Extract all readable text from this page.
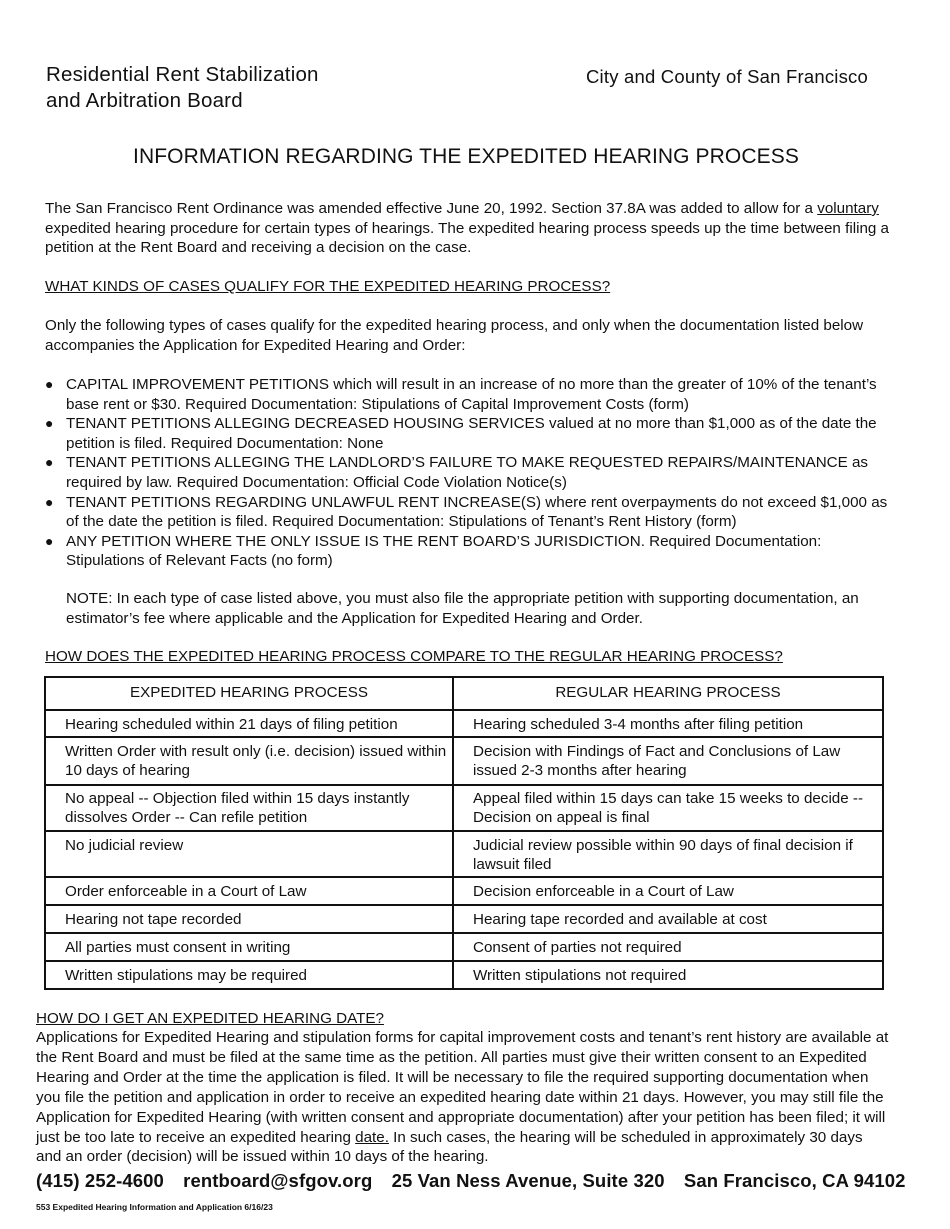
Residential Rent Stabilization
and Arbitration Board
City and County of San Francisco
INFORMATION REGARDING THE EXPEDITED HEARING PROCESS
The San Francisco Rent Ordinance was amended effective June 20, 1992. Section 37.8A was added to allow for a voluntary expedited hearing procedure for certain types of hearings. The expedited hearing process speeds up the time between filing a petition at the Rent Board and receiving a decision on the case.
WHAT KINDS OF CASES QUALIFY FOR THE EXPEDITED HEARING PROCESS?
Only the following types of cases qualify for the expedited hearing process, and only when the documentation listed below accompanies the Application for Expedited Hearing and Order:
● CAPITAL IMPROVEMENT PETITIONS which will result in an increase of no more than the greater of 10% of the tenant’s base rent or $30. Required Documentation: Stipulations of Capital Improvement Costs (form)
● TENANT PETITIONS ALLEGING DECREASED HOUSING SERVICES valued at no more than $1,000 as of the date the petition is filed. Required Documentation: None
● TENANT PETITIONS ALLEGING THE LANDLORD’S FAILURE TO MAKE REQUESTED REPAIRS/MAINTENANCE as required by law. Required Documentation: Official Code Violation Notice(s)
● TENANT PETITIONS REGARDING UNLAWFUL RENT INCREASE(S) where rent overpayments do not exceed $1,000 as of the date the petition is filed. Required Documentation: Stipulations of Tenant’s Rent History (form)
● ANY PETITION WHERE THE ONLY ISSUE IS THE RENT BOARD’S JURISDICTION. Required Documentation: Stipulations of Relevant Facts (no form)
NOTE: In each type of case listed above, you must also file the appropriate petition with supporting documentation, an estimator’s fee where applicable and the Application for Expedited Hearing and Order.
HOW DOES THE EXPEDITED HEARING PROCESS COMPARE TO THE REGULAR HEARING PROCESS?
EXPEDITED HEARING PROCESS	REGULAR HEARING PROCESS
Hearing scheduled within 21 days of filing petition	Hearing scheduled 3-4 months after filing petition
Written Order with result only (i.e. decision) issued within 10 days of hearing	Decision with Findings of Fact and Conclusions of Law issued 2-3 months after hearing
No appeal -- Objection filed within 15 days instantly dissolves Order -- Can refile petition	Appeal filed within 15 days can take 15 weeks to decide -- Decision on appeal is final
No judicial review	Judicial review possible within 90 days of final decision if lawsuit filed
Order enforceable in a Court of Law	Decision enforceable in a Court of Law
Hearing not tape recorded	Hearing tape recorded and available at cost
All parties must consent in writing	Consent of parties not required
Written stipulations may be required	Written stipulations not required
HOW DO I GET AN EXPEDITED HEARING DATE?
Applications for Expedited Hearing and stipulation forms for capital improvement costs and tenant’s rent history are available at the Rent Board and must be filed at the same time as the petition. All parties must give their written consent to an Expedited Hearing and Order at the time the application is filed. It will be necessary to file the required supporting documentation when you file the petition and application in order to receive an expedited hearing date within 21 days. However, you may still file the Application for Expedited Hearing (with written consent and appropriate documentation) after your petition has been filed; it will just be too late to receive an expedited hearing date. In such cases, the hearing will be scheduled in approximately 30 days and an order (decision) will be issued within 10 days of the hearing.
(415) 252-4600 rentboard@sfgov.org 25 Van Ness Avenue, Suite 320 San Francisco, CA 94102
553 Expedited Hearing Information and Application 6/16/23
